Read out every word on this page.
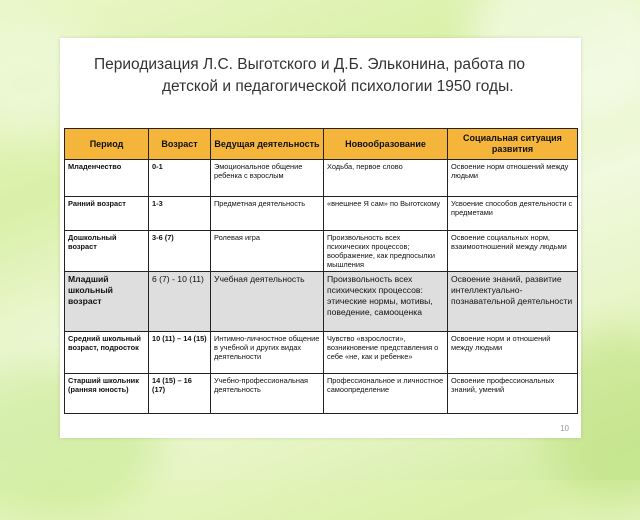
Периодизация Л.С. Выготского и Д.Б. Эльконина, работа по
детской и педагогической психологии 1950 годы.
Период	Возраст	Ведущая деятельность	Новообразование	Социальная ситуация развития
Младенчество	0-1	Эмоциональное общение ребенка с взрослым	Ходьба, первое слово	Освоение норм отношений между людьми
Ранний возраст	1-3	Предметная деятельность	«внешнее Я сам» по Выготскому	Усвоение способов деятельности с предметами
Дошкольный возраст	3-6 (7)	Ролевая игра	Произвольность всех психических процессов; воображение, как предпосылки мышления	Освоение социальных норм, взаимоотношений между людьми
Младший школьный возраст	6 (7) - 10 (11)	Учебная деятельность	Произвольность всех психических процессов: этические нормы, мотивы, поведение, самооценка	Освоение знаний, развитие интеллектуально-познавательной деятельности
Средний школьный возраст, подросток	10 (11) – 14 (15)	Интимно-личностное общение в учебной и других видах деятельности	Чувство «взрослости», возникновение представления о себе «не, как и ребенке»	Освоение норм и отношений между людьми
Старший школьник (ранняя юность)	14 (15) – 16 (17)	Учебно-профессиональная деятельность	Профессиональное и личностное самоопределение	Освоение профессиональных знаний, умений
10
